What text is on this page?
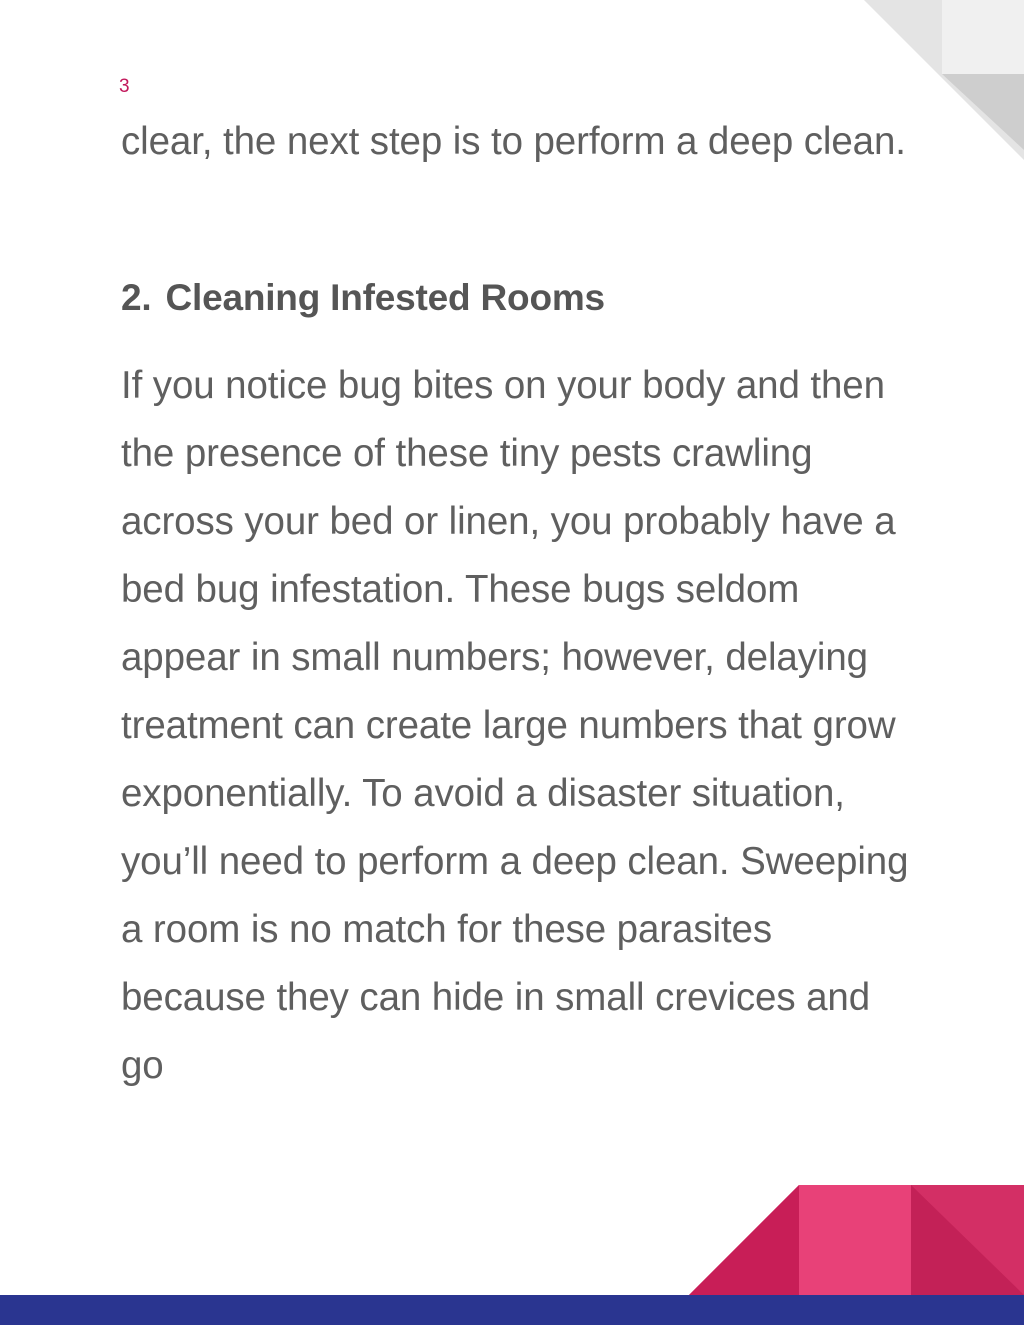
3

clear, the next step is to perform a deep clean.

2. Cleaning Infested Rooms

If you notice bug bites on your body and then the presence of these tiny pests crawling across your bed or linen, you probably have a bed bug infestation. These bugs seldom appear in small numbers; however, delaying treatment can create large numbers that grow exponentially. To avoid a disaster situation, you’ll need to perform a deep clean. Sweeping a room is no match for these parasites because they can hide in small crevices and go
